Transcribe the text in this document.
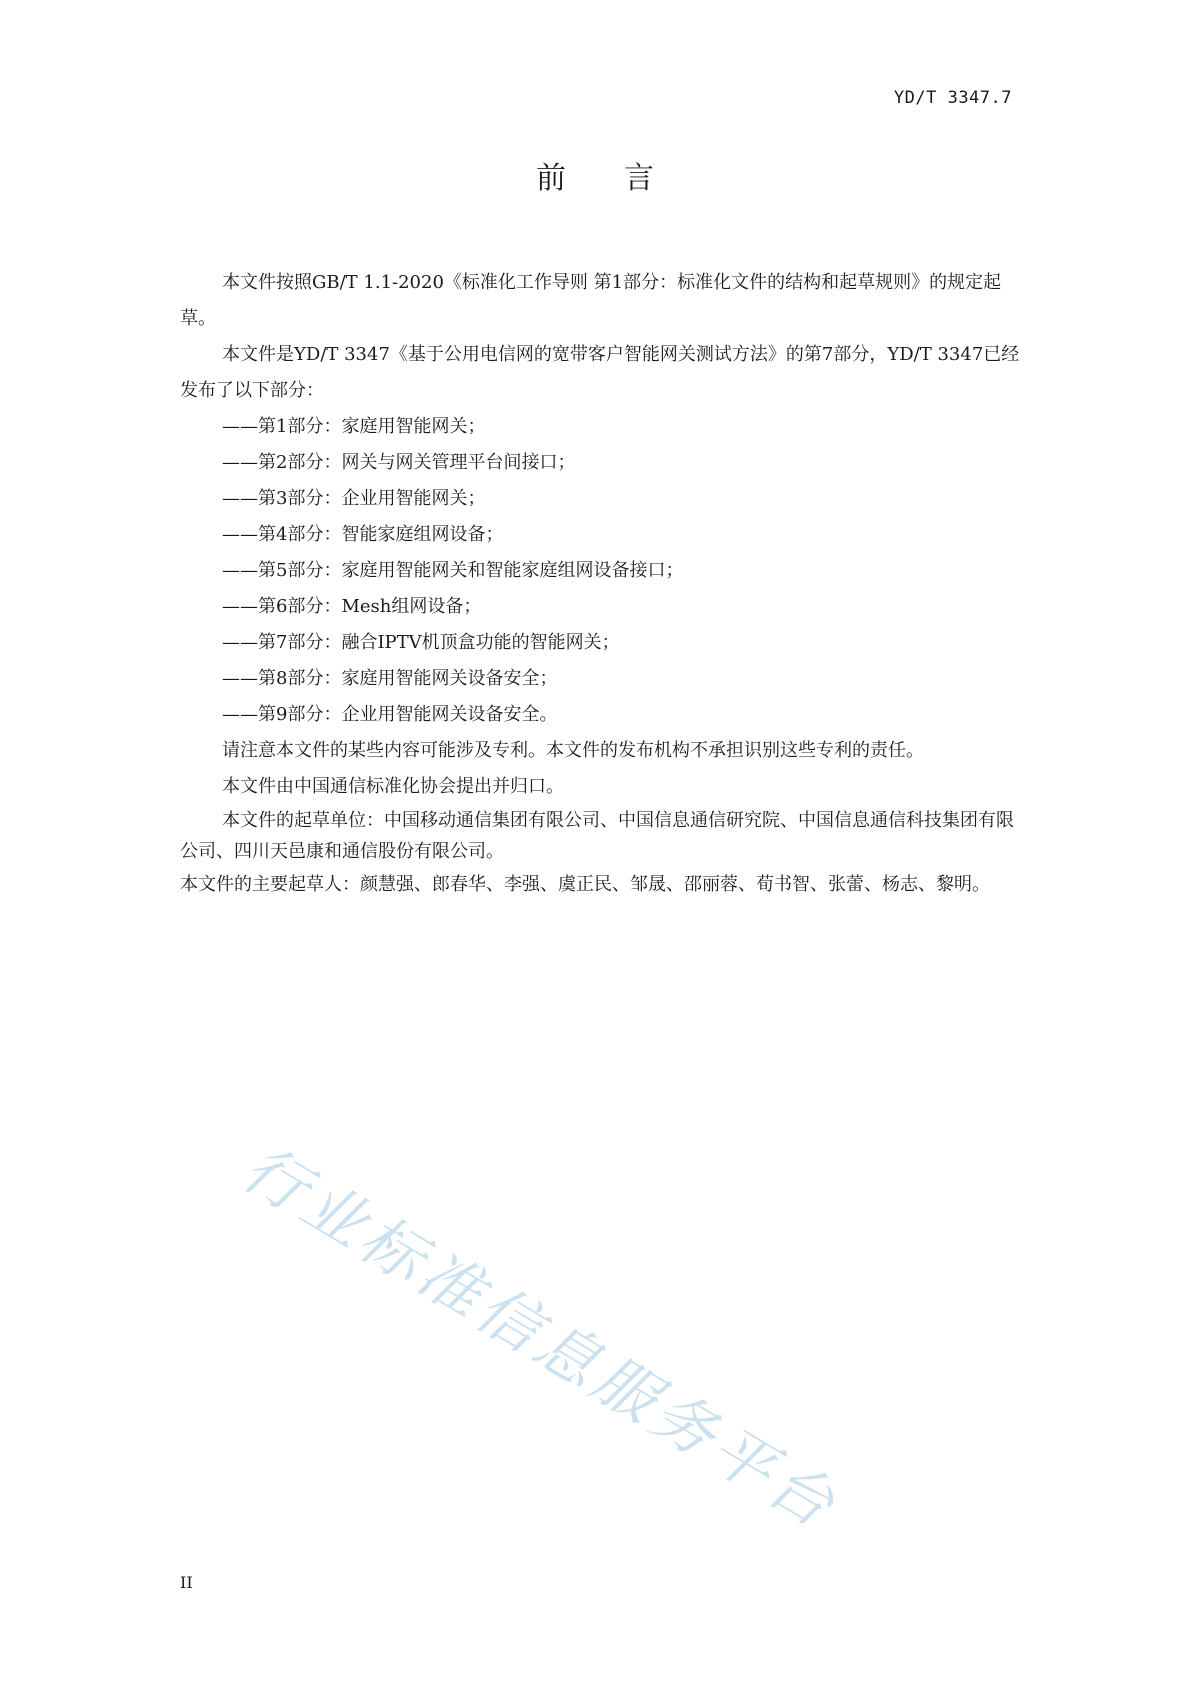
YD/T 3347.7
前言

本文件按照GB/T 1.1-2020《标准化工作导则 第1部分：标准化文件的结构和起草规则》的规定起草。

本文件是YD/T 3347《基于公用电信网的宽带客户智能网关测试方法》的第7部分，YD/T 3347已经发布了以下部分：

——第1部分：家庭用智能网关；

——第2部分：网关与网关管理平台间接口；

——第3部分：企业用智能网关；

——第4部分：智能家庭组网设备；

——第5部分：家庭用智能网关和智能家庭组网设备接口；

——第6部分：Mesh组网设备；

——第7部分：融合IPTV机顶盒功能的智能网关；

——第8部分：家庭用智能网关设备安全；

——第9部分：企业用智能网关设备安全。

请注意本文件的某些内容可能涉及专利。本文件的发布机构不承担识别这些专利的责任。

本文件由中国通信标准化协会提出并归口。

本文件的起草单位：中国移动通信集团有限公司、中国信息通信研究院、中国信息通信科技集团有限公司、四川天邑康和通信股份有限公司。

本文件的主要起草人：颜慧强、郎春华、李强、虞正民、邹晟、邵丽蓉、荀书智、张蕾、杨志、黎明。

行业标准信息服务平台
II
